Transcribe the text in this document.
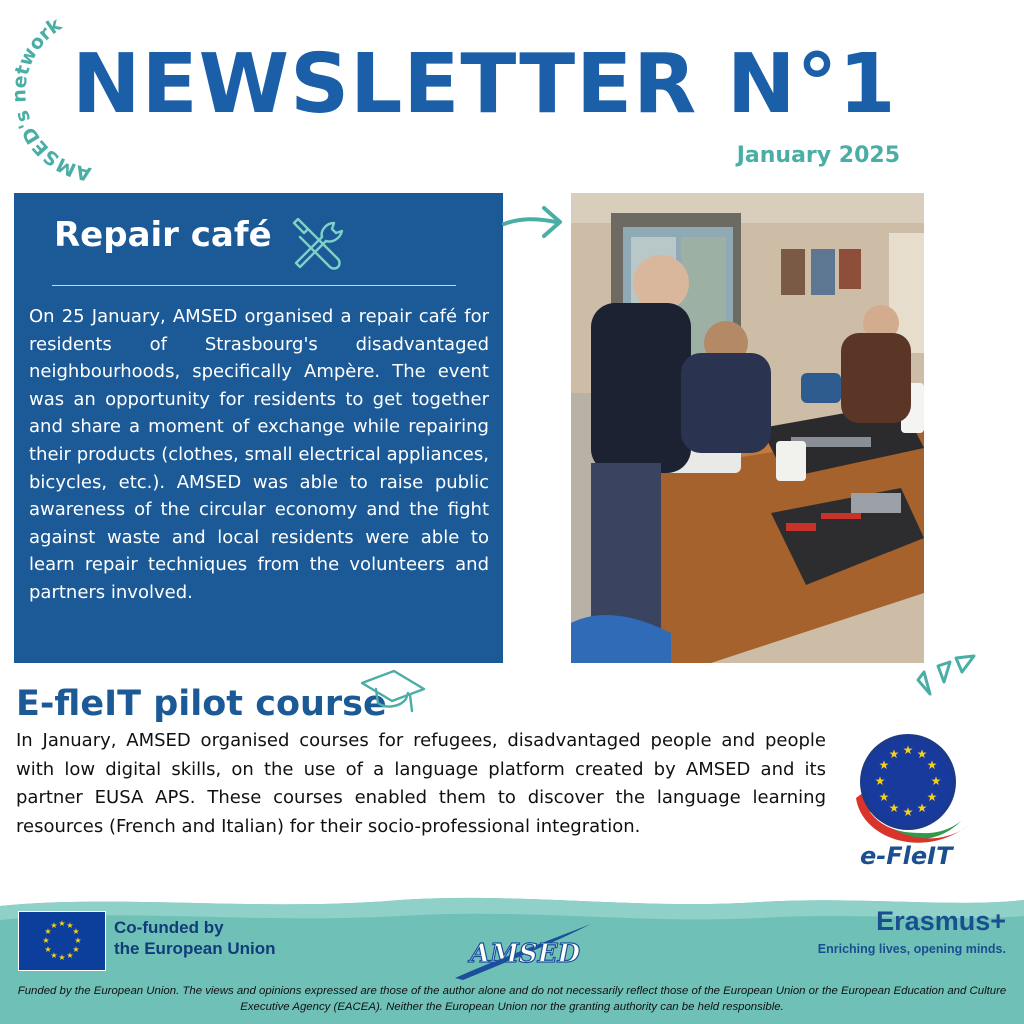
AMSED's network
NEWSLETTER N°1
January 2025
Repair café

On 25 January, AMSED organised a repair café for residents of Strasbourg's disadvantaged neighbourhoods, specifically Ampère. The event was an opportunity for residents to get together and share a moment of exchange while repairing their products (clothes, small electrical appliances, bicycles, etc.). AMSED was able to raise public awareness of the circular economy and the fight against waste and local residents were able to learn repair techniques from the volunteers and partners involved.

E-fleIT pilot course

In January, AMSED organised courses for refugees, disadvantaged people and people with low digital skills, on the use of a language platform created by AMSED and its partner EUSA APS. These courses enabled them to discover the language learning resources (French and Italian) for their socio-professional integration.

★ ★
★
★
★
★
★
★
★
★
★
★
e-FleIT
★ ★
★
★
★
★
★
★
★
★
★
★	Co-funded by
the European Union	AMSED
Erasmus+
Enriching lives, opening minds.

Funded by the European Union. The views and opinions expressed are those of the author alone and do not necessarily reflect those of the European Union or the European Education and Culture Executive Agency (EACEA). Neither the European Union nor the granting authority can be held responsible.
